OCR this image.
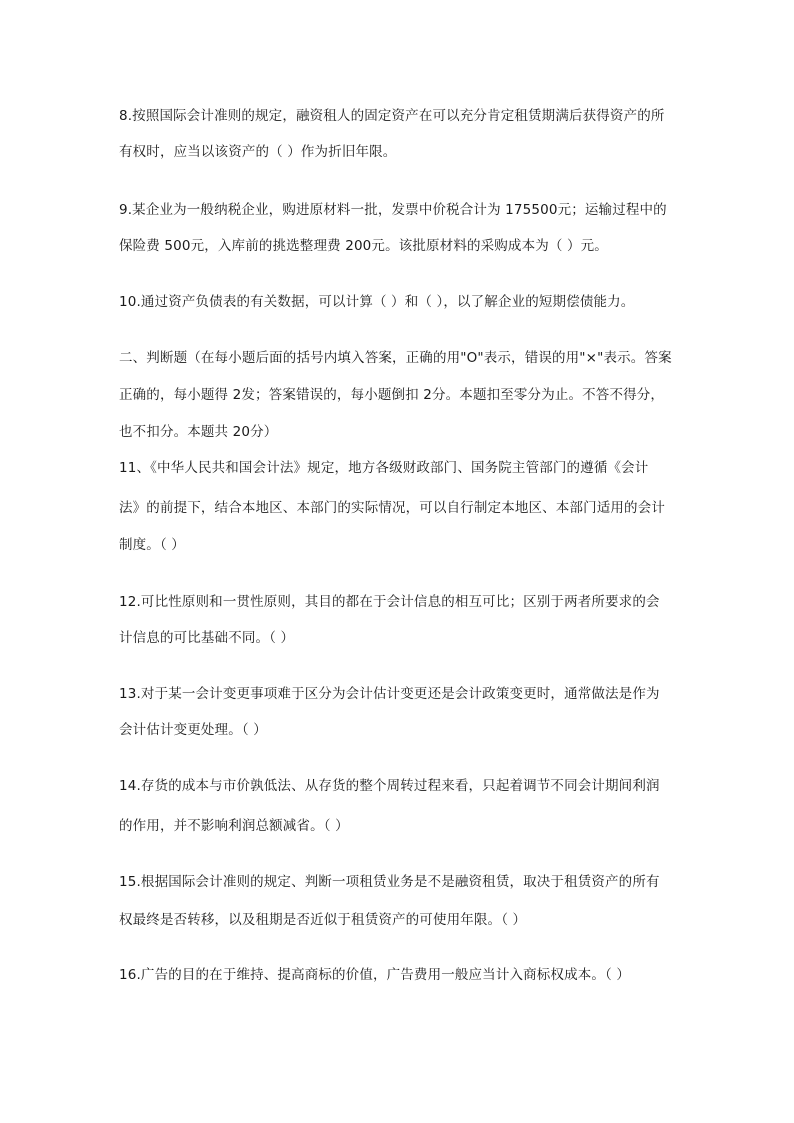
8.按照国际会计准则的规定，融资租人的固定资产在可以充分肯定租赁期满后获得资产的所
有权时，应当以该资产的（ ）作为折旧年限。
9.某企业为一般纳税企业，购进原材料一批，发票中价税合计为 175500元；运输过程中的
保险费 500元，入库前的挑选整理费 200元。该批原材料的采购成本为（ ）元。
10.通过资产负债表的有关数据，可以计算（ ）和（ ），以了解企业的短期偿债能力。
二、判断题（在每小题后面的括号内填入答案，正确的用"O"表示，错误的用"×"表示。答案
正确的，每小题得 2发；答案错误的，每小题倒扣 2分。本题扣至零分为止。不答不得分，
也不扣分。本题共 20分）
11、《中华人民共和国会计法》规定，地方各级财政部门、国务院主管部门的遵循《会计
法》的前提下，结合本地区、本部门的实际情况，可以自行制定本地区、本部门适用的会计
制度。（ ）
12.可比性原则和一贯性原则，其目的都在于会计信息的相互可比；区别于两者所要求的会
计信息的可比基础不同。（ ）
13.对于某一会计变更事项难于区分为会计估计变更还是会计政策变更时，通常做法是作为
会计估计变更处理。（ ）
14.存货的成本与市价孰低法、从存货的整个周转过程来看，只起着调节不同会计期间利润
的作用，并不影响利润总额减省。（ ）
15.根据国际会计准则的规定、判断一项租赁业务是不是融资租赁，取决于租赁资产的所有
权最终是否转移，以及租期是否近似于租赁资产的可使用年限。（ ）
16.广告的目的在于维持、提高商标的价值，广告费用一般应当计入商标权成本。（ ）
